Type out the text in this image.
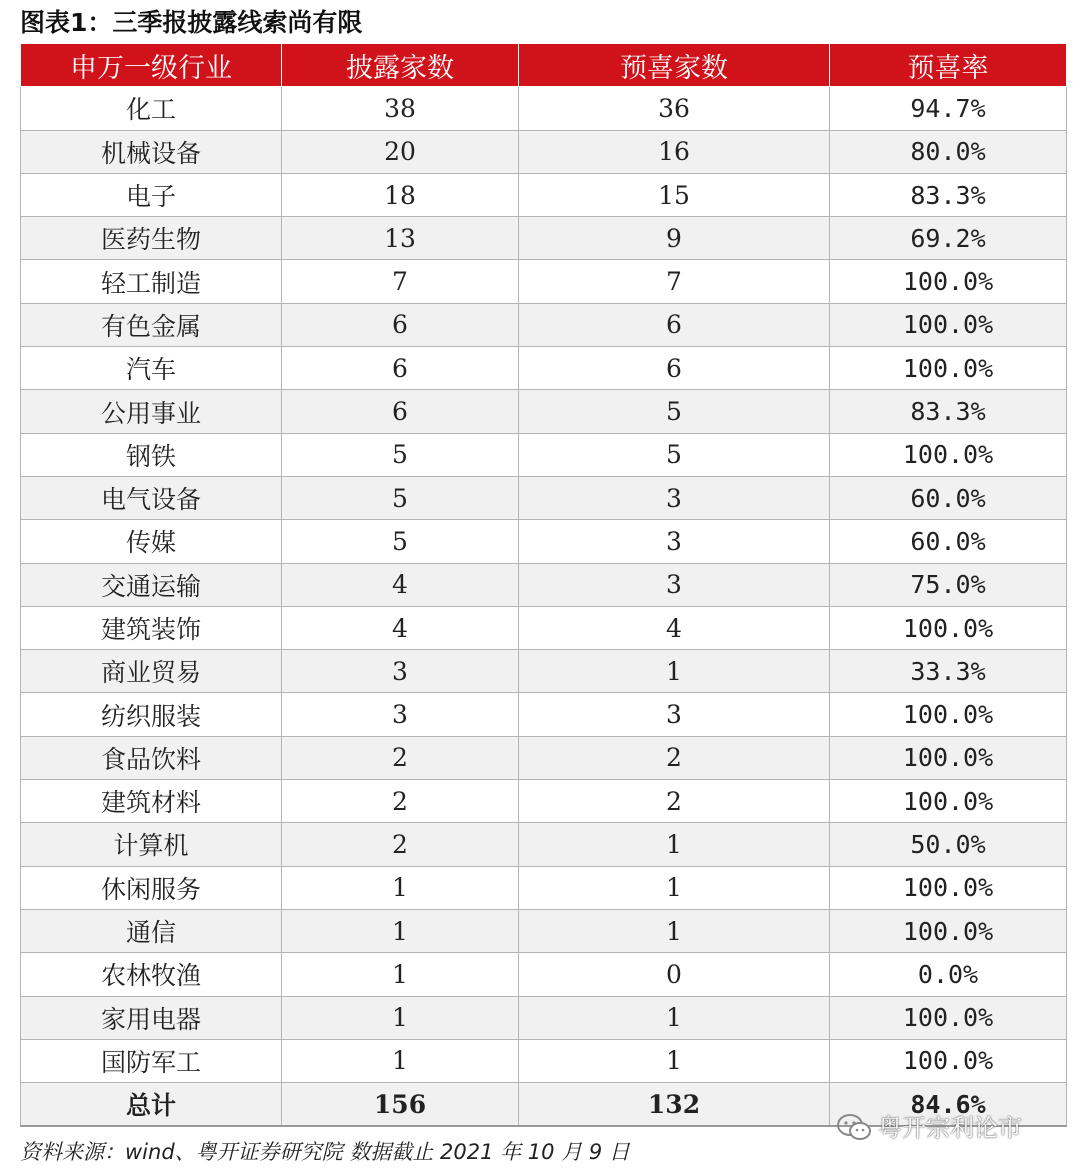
图表1：三季报披露线索尚有限
申万一级行业	披露家数	预喜家数	预喜率
化工	38	36	94.7%
机械设备	20	16	80.0%
电子	18	15	83.3%
医药生物	13	9	69.2%
轻工制造	7	7	100.0%
有色金属	6	6	100.0%
汽车	6	6	100.0%
公用事业	6	5	83.3%
钢铁	5	5	100.0%
电气设备	5	3	60.0%
传媒	5	3	60.0%
交通运输	4	3	75.0%
建筑装饰	4	4	100.0%
商业贸易	3	1	33.3%
纺织服装	3	3	100.0%
食品饮料	2	2	100.0%
建筑材料	2	2	100.0%
计算机	2	1	50.0%
休闲服务	1	1	100.0%
通信	1	1	100.0%
农林牧渔	1	0	0.0%
家用电器	1	1	100.0%
国防军工	1	1	100.0%
总计	156	132	84.6%
资料来源：wind、粤开证券研究院 数据截止 2021 年 10 月 9 日
粤开宗利论市
